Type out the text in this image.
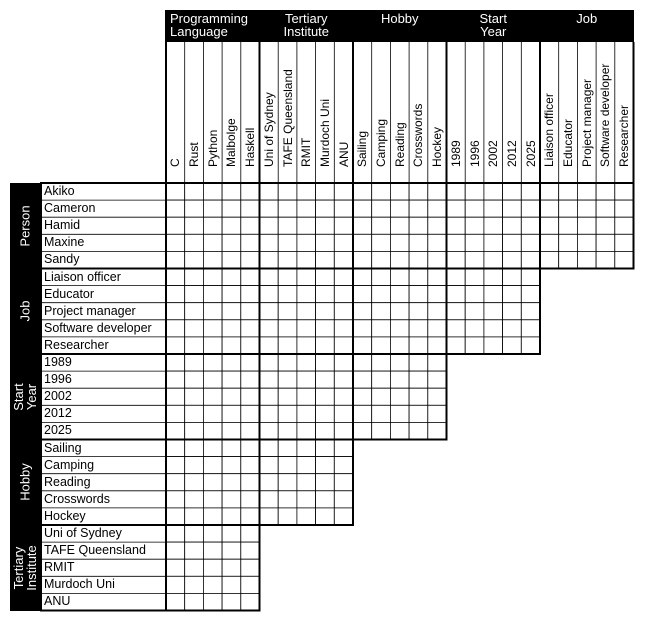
Programming
Language
C Rust Python Malbolge Haskell
Tertiary
Institute
Uni of Sydney TAFE Queensland RMIT Murdoch Uni ANU
Hobby
Sailing Camping Reading Crosswords Hockey
Start
Year
1989 1996 2002 2012 2025
Job
Liaison officer Educator Project manager Software developer Researcher
Person
Akiko
Cameron
Hamid
Maxine
Sandy
Job
Liaison officer
Educator
Project manager
Software developer
Researcher
Start
Year
1989
1996
2002
2012
2025
Hobby
Sailing
Camping
Reading
Crosswords
Hockey
Tertiary
Institute
Uni of Sydney
TAFE Queensland
RMIT
Murdoch Uni
ANU
